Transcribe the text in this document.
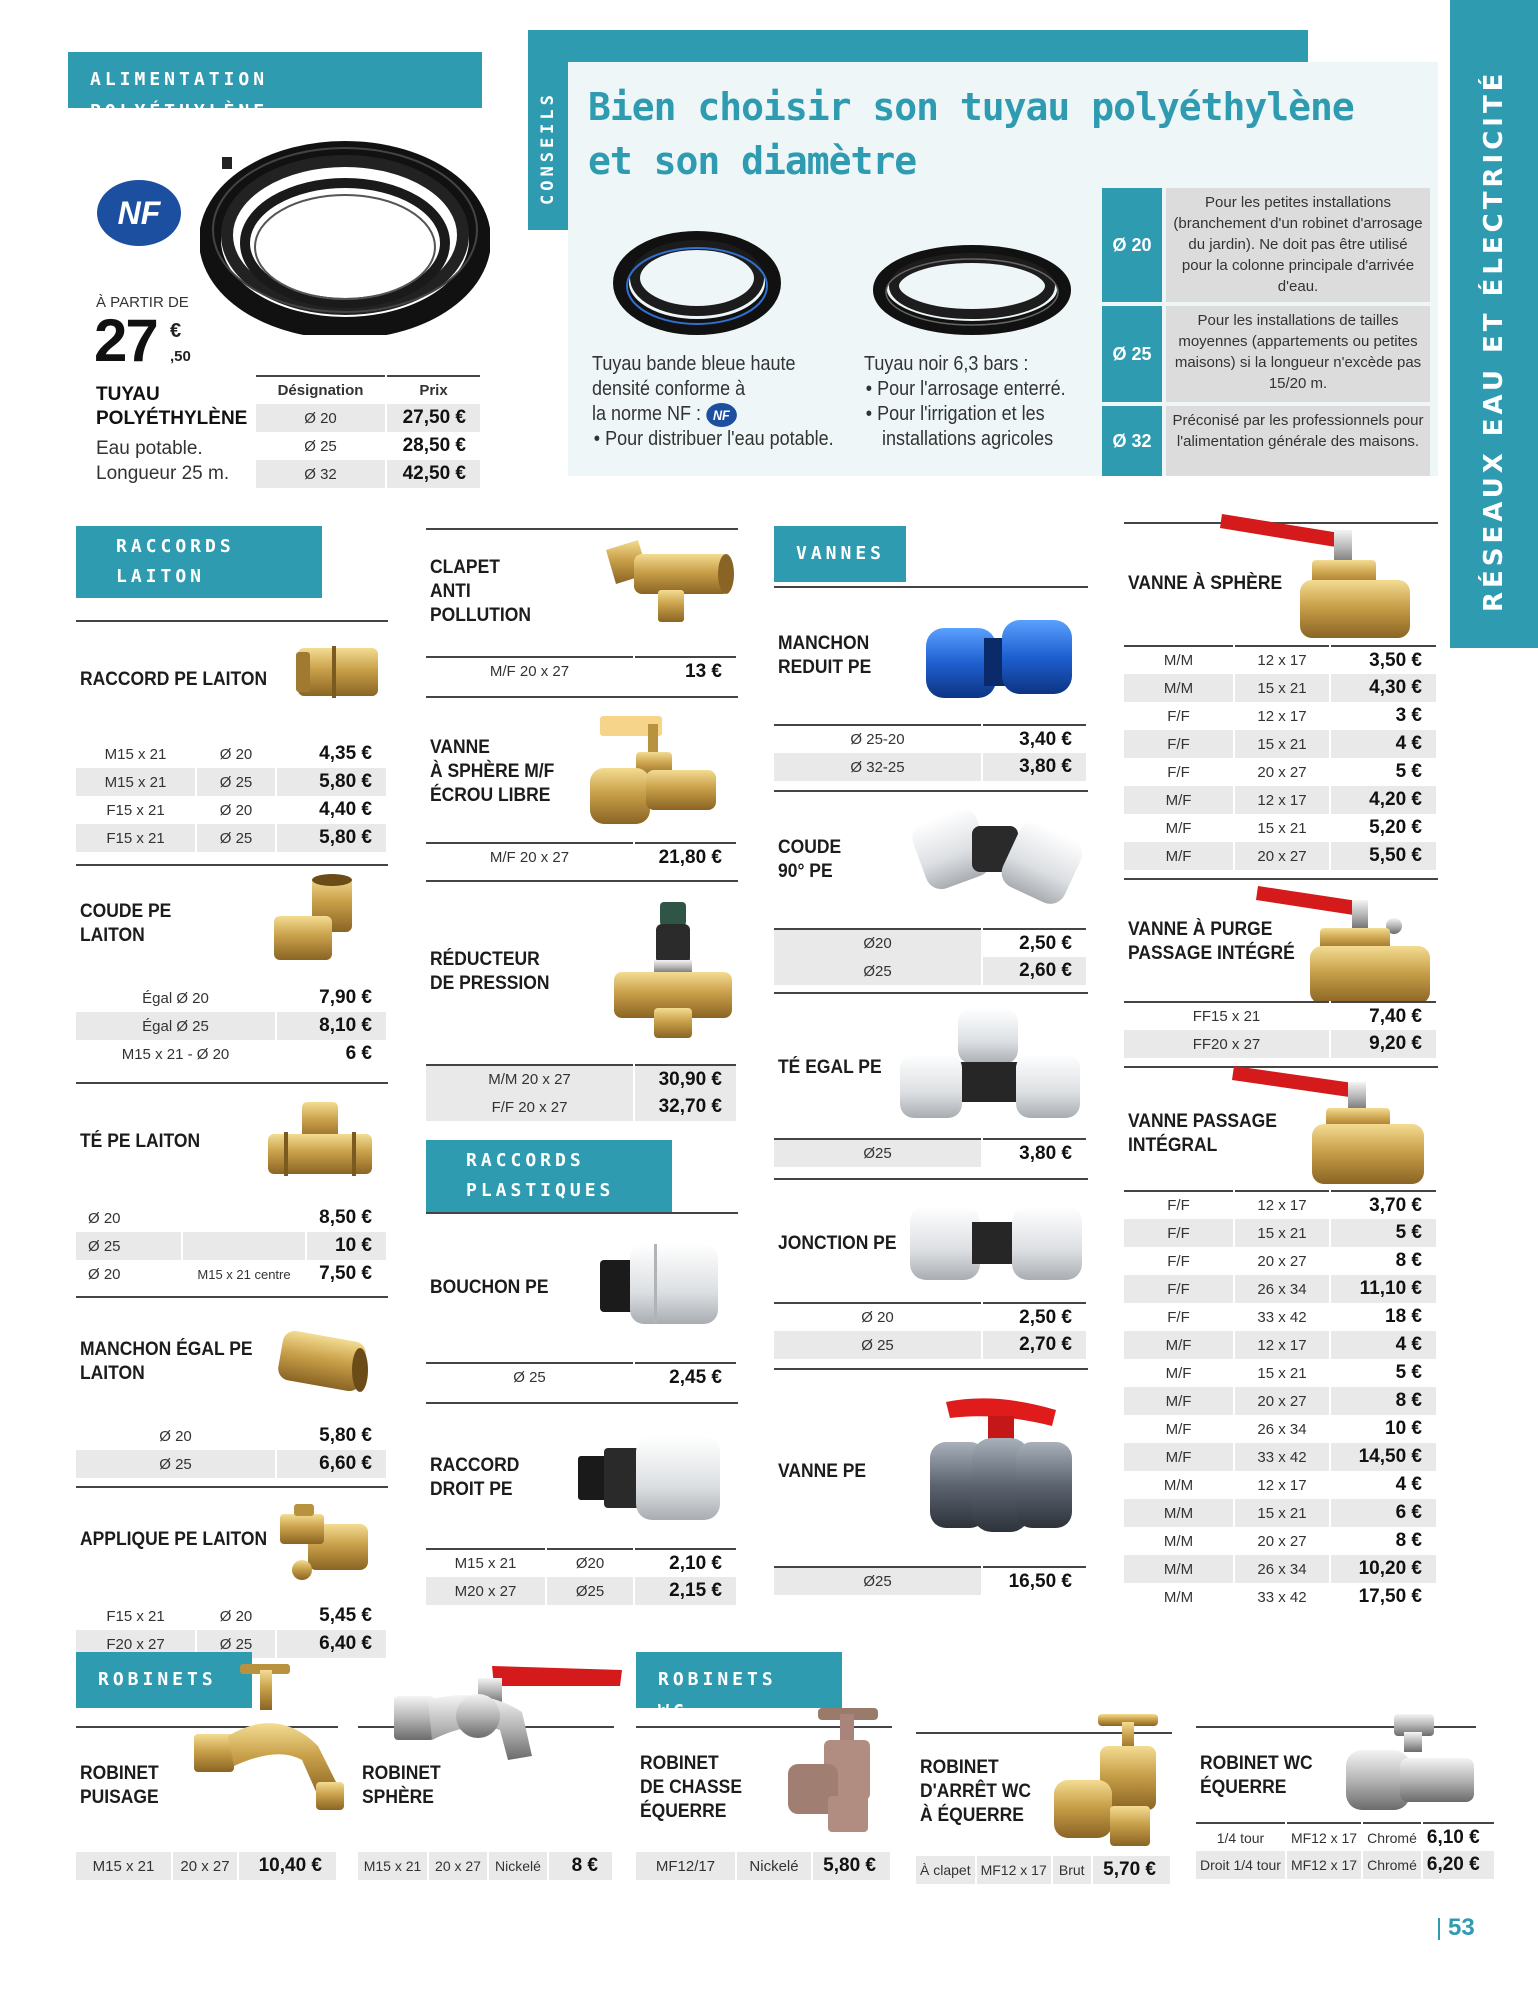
RÉSEAUX EAU ET ÉLECTRICITÉ
ALIMENTATION POLYÉTHYLÈNE
NF
À PARTIR DE
27 €
,50
TUYAU
POLYÉTHYLÈNE
Eau potable.
Longueur 25 m.
Désignation	Prix
Ø 20	27,50 €
Ø 25	28,50 €
Ø 32	42,50 €
CONSEILS Bien choisir son tuyau polyéthylène
et son diamètre
Tuyau bande bleue haute
densité conforme à
la norme NF : NF
• Pour distribuer l'eau potable.
Tuyau noir 6,3 bars :
• Pour l'arrosage enterré.
• Pour l'irrigation et les
installations agricoles
Ø 20
Pour les petites installations (branchement d'un robinet d'arrosage du jardin). Ne doit pas être utilisé pour la colonne principale d'arrivée d'eau.
Ø 25
Pour les installations de tailles moyennes (appartements ou petites maisons) si la longueur n'excède pas 15/20 m.
Ø 32
Préconisé par les professionnels pour l'alimentation générale des maisons.
RACCORDS
LAITON
RACCORD PE LAITON
M15 x 21	Ø 20	4,35 €
M15 x 21	Ø 25	5,80 €
F15 x 21	Ø 20	4,40 €
F15 x 21	Ø 25	5,80 €
COUDE PE
LAITON
Égal Ø 20	7,90 €
Égal Ø 25	8,10 €
M15 x 21 - Ø 20	6 €
TÉ PE LAITON
Ø 20		8,50 €
Ø 25		10 €
Ø 20	M15 x 21 centre	7,50 €
MANCHON ÉGAL PE
LAITON
Ø 20	5,80 €
Ø 25	6,60 €
APPLIQUE PE LAITON
F15 x 21	Ø 20	5,45 €
F20 x 27	Ø 25	6,40 €
CLAPET
ANTI
POLLUTION
M/F 20 x 27	13 €
VANNE
À SPHÈRE M/F
ÉCROU LIBRE
M/F 20 x 27	21,80 €
RÉDUCTEUR
DE PRESSION
M/M 20 x 27	30,90 €
F/F 20 x 27	32,70 €
RACCORDS
PLASTIQUES
BOUCHON PE
Ø 25	2,45 €
RACCORD
DROIT PE
M15 x 21	Ø20	2,10 €
M20 x 27	Ø25	2,15 €
VANNES
MANCHON
REDUIT PE
Ø 25-20	3,40 €
Ø 32-25	3,80 €
COUDE
90° PE
Ø20	2,50 €
Ø25	2,60 €
TÉ EGAL PE
Ø25	3,80 €
JONCTION PE
Ø 20	2,50 €
Ø 25	2,70 €
VANNE PE
Ø25	16,50 €
VANNE À SPHÈRE
M/M	12 x 17	3,50 €
M/M	15 x 21	4,30 €
F/F	12 x 17	3 €
F/F	15 x 21	4 €
F/F	20 x 27	5 €
M/F	12 x 17	4,20 €
M/F	15 x 21	5,20 €
M/F	20 x 27	5,50 €
VANNE À PURGE
PASSAGE INTÉGRÉ
FF15 x 21	7,40 €
FF20 x 27	9,20 €
VANNE PASSAGE
INTÉGRAL
F/F	12 x 17	3,70 €
F/F	15 x 21	5 €
F/F	20 x 27	8 €
F/F	26 x 34	11,10 €
F/F	33 x 42	18 €
M/F	12 x 17	4 €
M/F	15 x 21	5 €
M/F	20 x 27	8 €
M/F	26 x 34	10 €
M/F	33 x 42	14,50 €
M/M	12 x 17	4 €
M/M	15 x 21	6 €
M/M	20 x 27	8 €
M/M	26 x 34	10,20 €
M/M	33 x 42	17,50 €
ROBINETS
ROBINET
PUISAGE
M15 x 21	20 x 27	10,40 €
ROBINET
SPHÈRE
M15 x 21	20 x 27	Nickelé	8 €
ROBINETS WC
ROBINET
DE CHASSE
ÉQUERRE
MF12/17	Nickelé	5,80 €
ROBINET
D'ARRÊT WC
À ÉQUERRE
À clapet	MF12 x 17	Brut	5,70 €
ROBINET WC
ÉQUERRE
1/4 tour	MF12 x 17	Chromé	6,10 €
Droit 1/4 tour	MF12 x 17	Chromé	6,20 €
53
